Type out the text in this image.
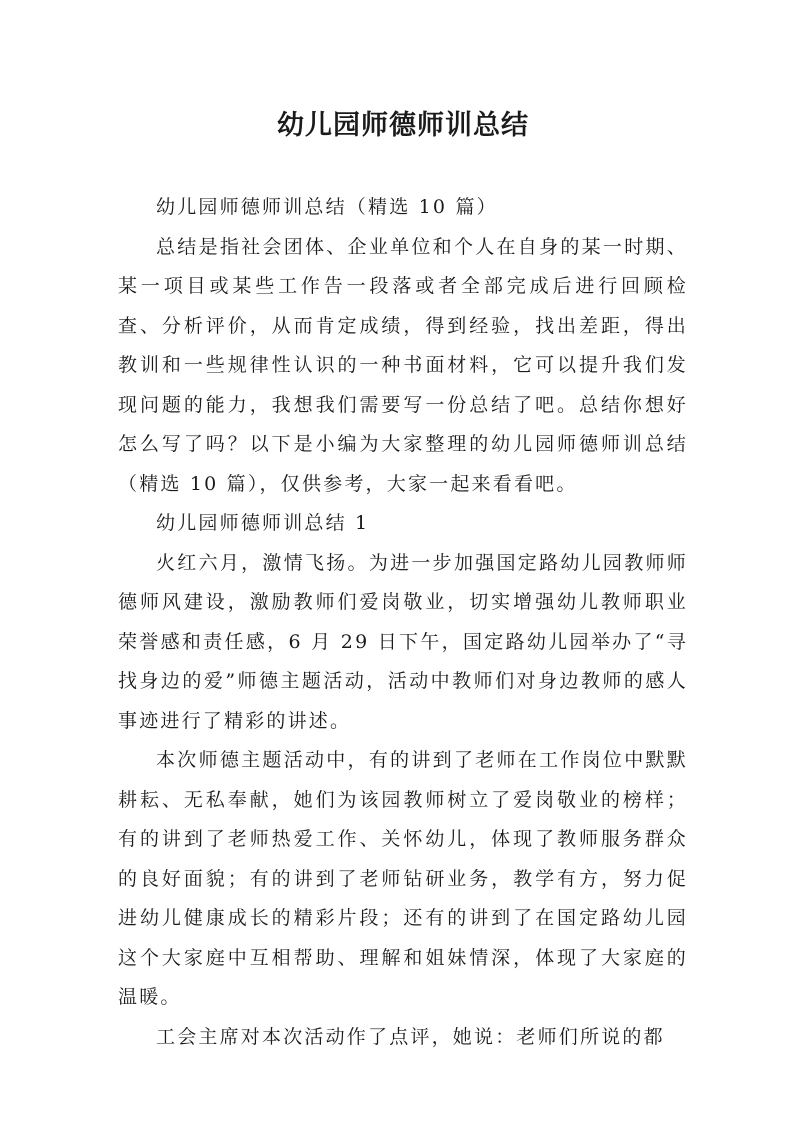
幼儿园师德师训总结

幼儿园师德师训总结（精选 10 篇）

总结是指社会团体、企业单位和个人在自身的某一时期、某一项目或某些工作告一段落或者全部完成后进行回顾检查、分析评价，从而肯定成绩，得到经验，找出差距，得出教训和一些规律性认识的一种书面材料，它可以提升我们发现问题的能力，我想我们需要写一份总结了吧。总结你想好怎么写了吗？以下是小编为大家整理的幼儿园师德师训总结（精选 10 篇），仅供参考，大家一起来看看吧。

幼儿园师德师训总结 1

火红六月，激情飞扬。为进一步加强国定路幼儿园教师师德师风建设，激励教师们爱岗敬业，切实增强幼儿教师职业荣誉感和责任感，6 月 29 日下午，国定路幼儿园举办了“寻找身边的爱”师德主题活动，活动中教师们对身边教师的感人事迹进行了精彩的讲述。

本次师德主题活动中，有的讲到了老师在工作岗位中默默耕耘、无私奉献，她们为该园教师树立了爱岗敬业的榜样；有的讲到了老师热爱工作、关怀幼儿，体现了教师服务群众的良好面貌；有的讲到了老师钻研业务，教学有方，努力促进幼儿健康成长的精彩片段；还有的讲到了在国定路幼儿园这个大家庭中互相帮助、理解和姐妹情深，体现了大家庭的温暖。

工会主席对本次活动作了点评，她说：老师们所说的都
